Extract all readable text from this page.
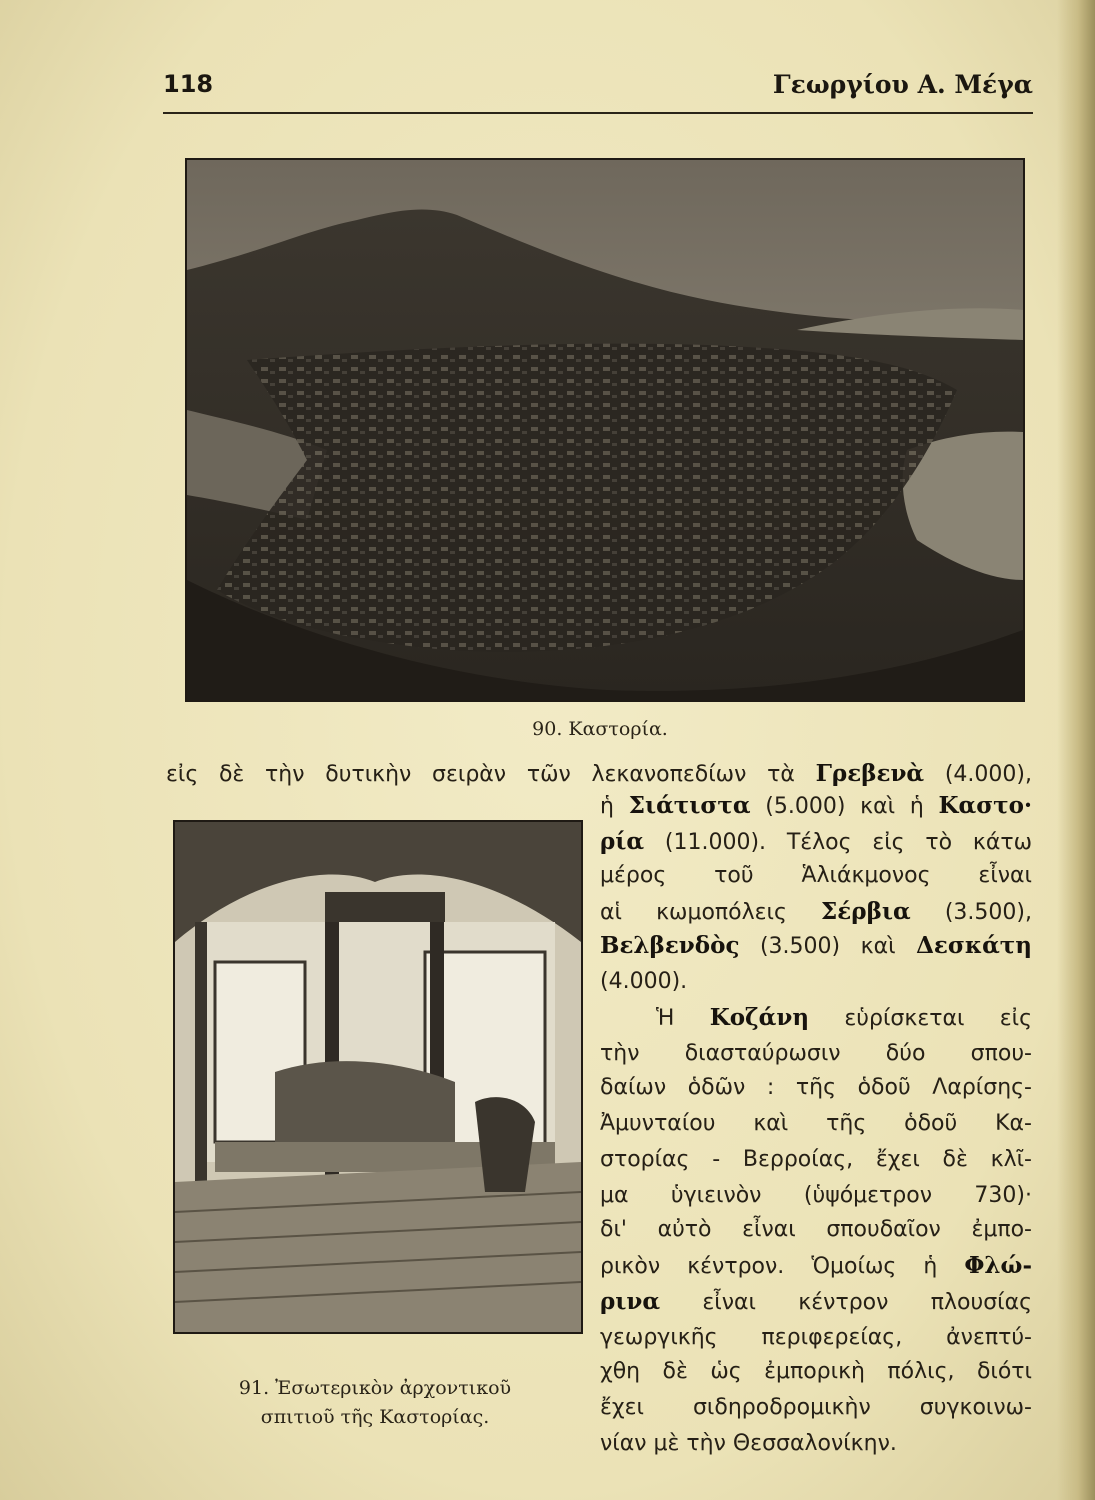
118	Γεωργίου Α. Μέγα
90. Καστορία.
εἰς δὲ τὴν δυτικὴν σειρὰν τῶν λεκανοπεδίων τὰ Γρεβενὰ (4.000),
91. Ἐσωτερικὸν ἀρχοντικοῦ
σπιτιοῦ τῆς Καστορίας.
ἡ Σιάτιστα (5.000) καὶ ἡ Καστο·
ρία (11.000). Τέλος εἰς τὸ κάτω
μέρος τοῦ Ἁλιάκμονος εἶναι
αἱ κωμοπόλεις Σέρβια (3.500),
Βελβενδὸς (3.500) καὶ Δεσκάτη
(4.000).
Ἡ Κοζάνη εὑρίσκεται εἰς
τὴν διασταύρωσιν δύο σπου-
δαίων ὁδῶν : τῆς ὁδοῦ Λαρίσης-
Ἀμυνταίου καὶ τῆς ὁδοῦ Κα-
στορίας - Βερροίας, ἔχει δὲ κλῖ-
μα ὑγιεινὸν (ὑψόμετρον 730)·
δι' αὐτὸ εἶναι σπουδαῖον ἐμπο-
ρικὸν κέντρον. Ὁμοίως ἡ Φλώ-
ρινα εἶναι κέντρον πλουσίας
γεωργικῆς περιφερείας, ἀνεπτύ-
χθη δὲ ὡς ἐμπορικὴ πόλις, διότι
ἔχει σιδηροδρομικὴν συγκοινω-
νίαν μὲ τὴν Θεσσαλονίκην.
